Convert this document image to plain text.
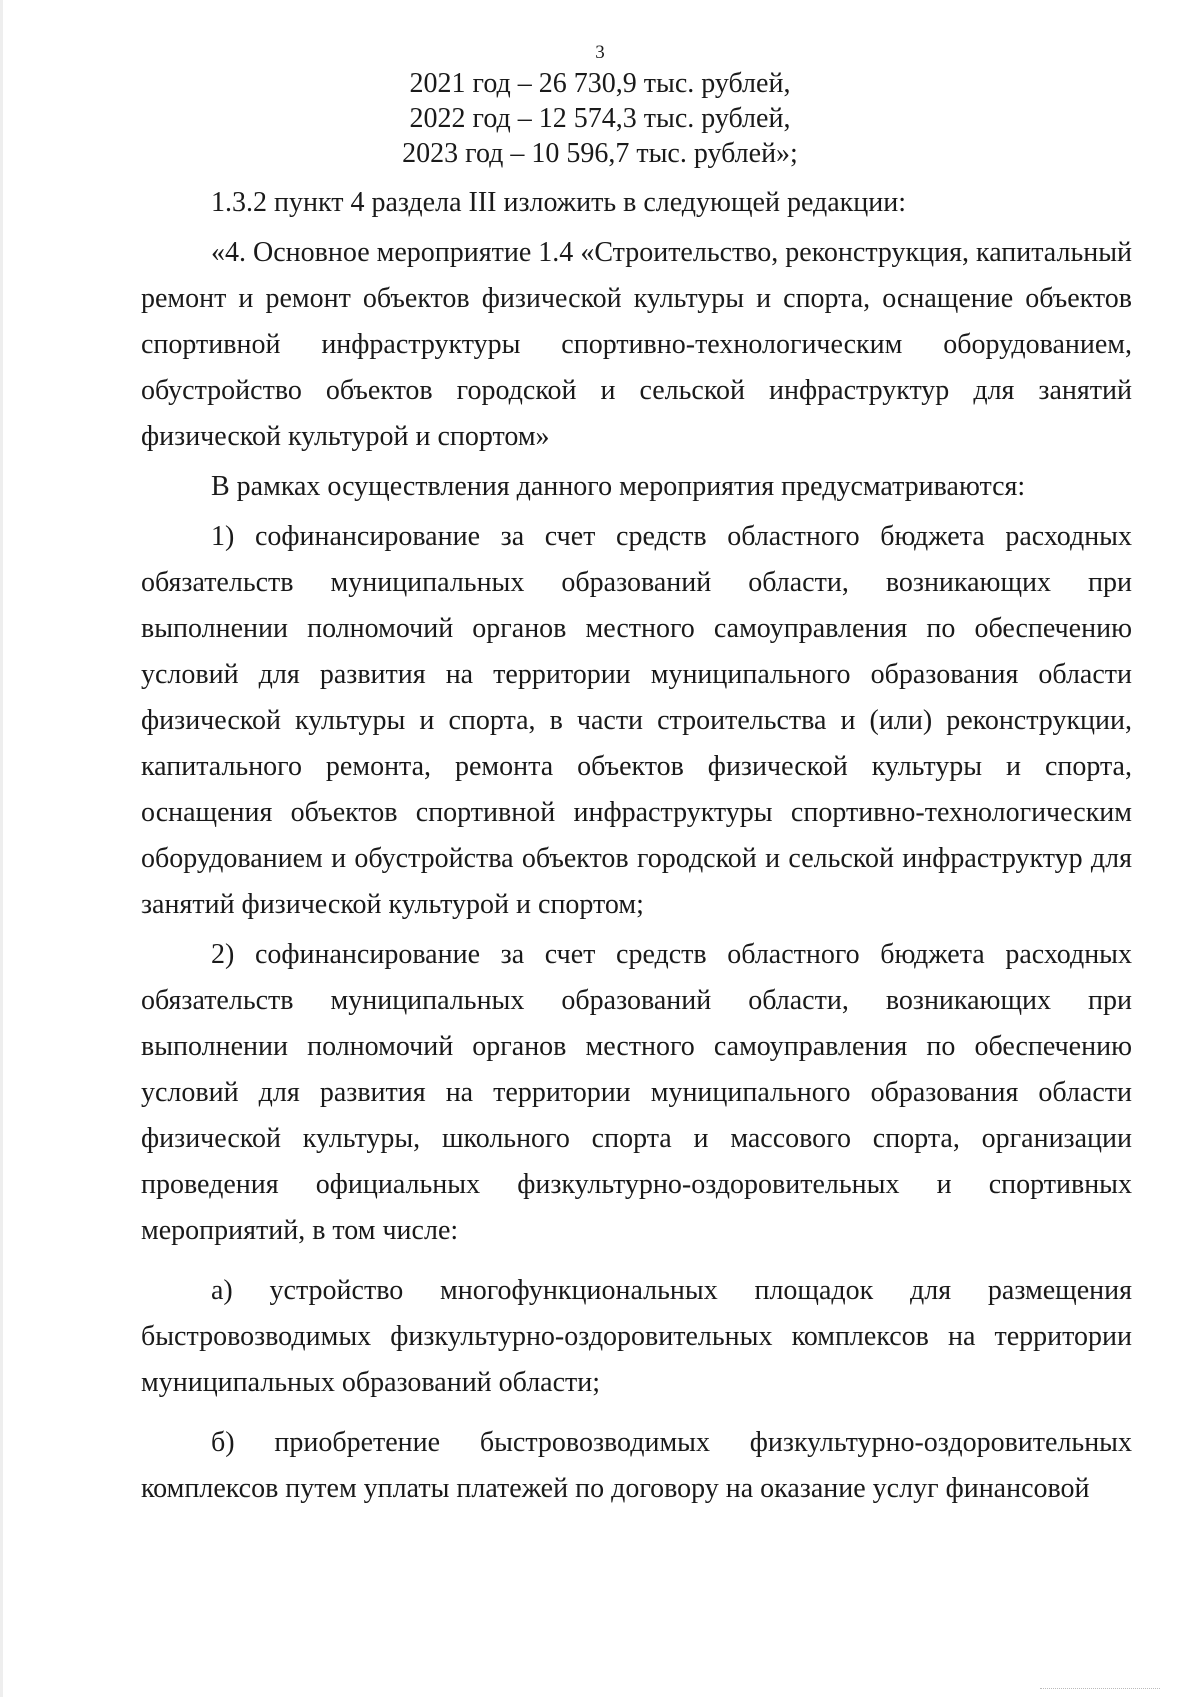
3
2021 год – 26 730,9 тыс. рублей,
2022 год – 12 574,3 тыс. рублей,
2023 год – 10 596,7 тыс. рублей»;

1.3.2 пункт 4 раздела III изложить в следующей редакции:

«4. Основное мероприятие 1.4 «Строительство, реконструкция, капитальный ремонт и ремонт объектов физической культуры и спорта, оснащение объектов спортивной инфраструктуры спортивно-технологическим оборудованием, обустройство объектов городской и сельской инфраструктур для занятий физической культурой и спортом»

В рамках осуществления данного мероприятия предусматриваются:

1) софинансирование за счет средств областного бюджета расходных обязательств муниципальных образований области, возникающих при выполнении полномочий органов местного самоуправления по обеспечению условий для развития на территории муниципального образования области физической культуры и спорта, в части строительства и (или) реконструкции, капитального ремонта, ремонта объектов физической культуры и спорта, оснащения объектов спортивной инфраструктуры спортивно-технологическим оборудованием и обустройства объектов городской и сельской инфраструктур для занятий физической культурой и спортом;

2) софинансирование за счет средств областного бюджета расходных обязательств муниципальных образований области, возникающих при выполнении полномочий органов местного самоуправления по обеспечению условий для развития на территории муниципального образования области физической культуры, школьного спорта и массового спорта, организации проведения официальных физкультурно-оздоровительных и спортивных мероприятий, в том числе:

а) устройство многофункциональных площадок для размещения быстровозводимых физкультурно-оздоровительных комплексов на территории муниципальных образований области;

б) приобретение быстровозводимых физкультурно-оздоровительных комплексов путем уплаты платежей по договору на оказание услуг финансовой
